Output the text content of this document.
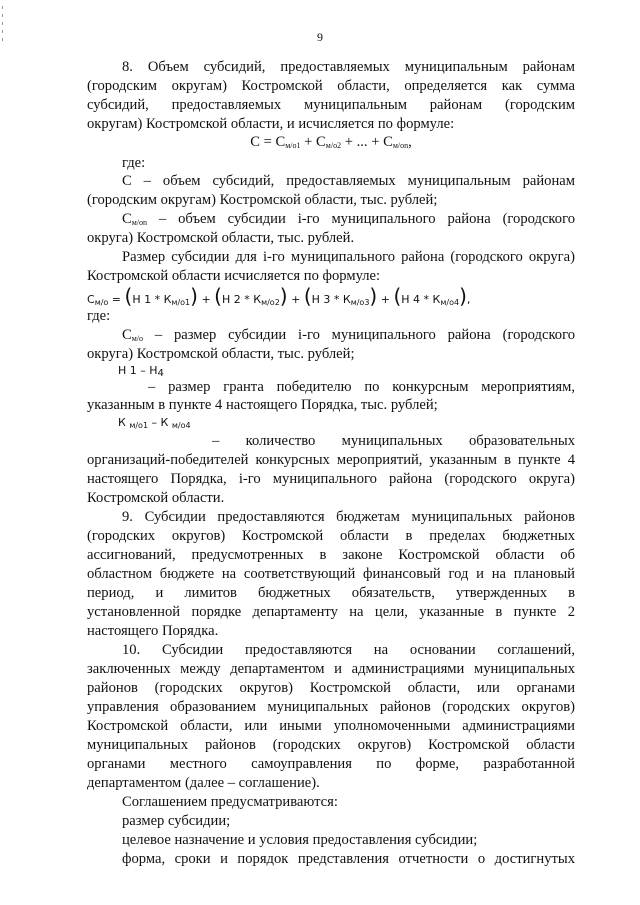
9
8. Объем субсидий, предоставляемых муниципальным районам
(городским округам) Костромской области, определяется как сумма
субсидий, предоставляемых муниципальным районам (городским
округам) Костромской области, и исчисляется по формуле:
$C = C_{м/о1} + C_{м/о2}$ + ... + $C_{м/оn}$,
где:
С – объем субсидий, предоставляемых муниципальным районам
(городским округам) Костромской области, тыс. рублей;
$С_{м/оn}$ – объем субсидии i-го муниципального района (городского
округа) Костромской области, тыс. рублей.
Размер субсидии для i-го муниципального района (городского округа)
Костромской области исчисляется по формуле:
$С_{м/о} = (Н$ $1 * К_{м/о1}) + (Н$ $2 * К_{м/о2}) + (Н$ $3 * К_{м/о3}) + (Н$ $4 * К_{м/о4}$),
где:
$С_{м/о}$ – размер субсидии i-го муниципального района (городского
округа) Костромской области, тыс. рублей;
Н $1 - Н_4$
– размер гранта победителю по конкурсным мероприятиям,
указанным в пункте 4 настоящего Порядка, тыс. рублей;
К $_{м/о1}$ – К $_{м/о4}$
– количество муниципальных образовательных
организаций-победителей конкурсных мероприятий, указанным в пункте 4
настоящего Порядка, i-го муниципального района (городского округа)
Костромской области.
9. Субсидии предоставляются бюджетам муниципальных районов
(городских округов) Костромской области в пределах бюджетных
ассигнований, предусмотренных в законе Костромской области об
областном бюджете на соответствующий финансовый год и на плановый
период, и лимитов бюджетных обязательств, утвержденных в
установленной порядке департаменту на цели, указанные в пункте 2
настоящего Порядка.
10. Субсидии предоставляются на основании соглашений,
заключенных между департаментом и администрациями муниципальных
районов (городских округов) Костромской области, или органами
управления образованием муниципальных районов (городских округов)
Костромской области, или иными уполномоченными администрациями
муниципальных районов (городских округов) Костромской области
органами местного самоуправления по форме, разработанной
департаментом (далее – соглашение).
Соглашением предусматриваются:
размер субсидии;
целевое назначение и условия предоставления субсидии;
форма, сроки и порядок представления отчетности о достигнутых
